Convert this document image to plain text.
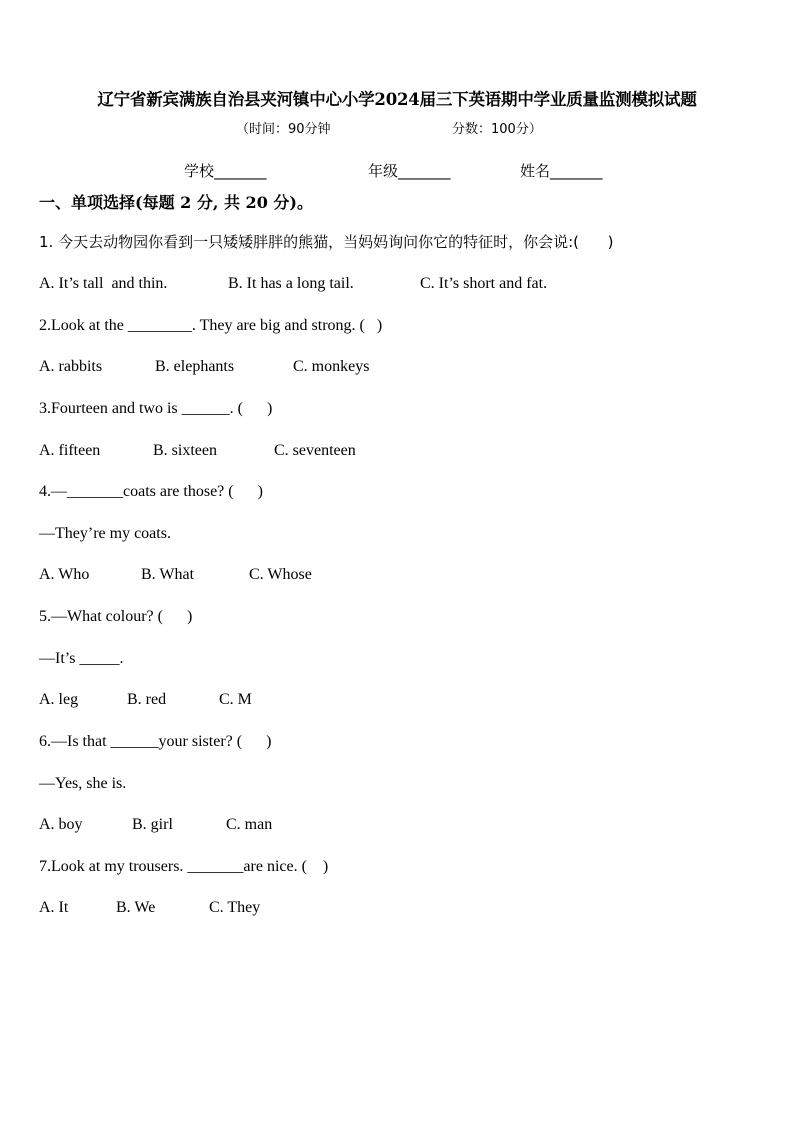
辽宁省新宾满族自治县夹河镇中心小学2024届三下英语期中学业质量监测模拟试题
（时间：90分钟	分数：100分）
学校_______	年级_______	姓名_______
一、单项选择(每题 2 分, 共 20 分)。
1. 今天去动物园你看到一只矮矮胖胖的熊猫，当妈妈询问你它的特征时，你会说:(      )
A. It’s tall  and thin.	B. It has a long tail.	C. It’s short and fat.
2.Look at the ________. They are big and strong. (   )
A. rabbits	B. elephants	C. monkeys
3.Fourteen and two is ______. (      )
A. fifteen	B. sixteen	C. seventeen
4.—_______coats are those? (      )
—They’re my coats.
A. Who	B. What	C. Whose
5.—What colour? (      )
—It’s _____.
A. leg	B. red	C. M
6.—Is that ______your sister? (      )
—Yes, she is.
A. boy	B. girl	C. man
7.Look at my trousers. _______are nice. (    )
A. It	B. We	C. They
